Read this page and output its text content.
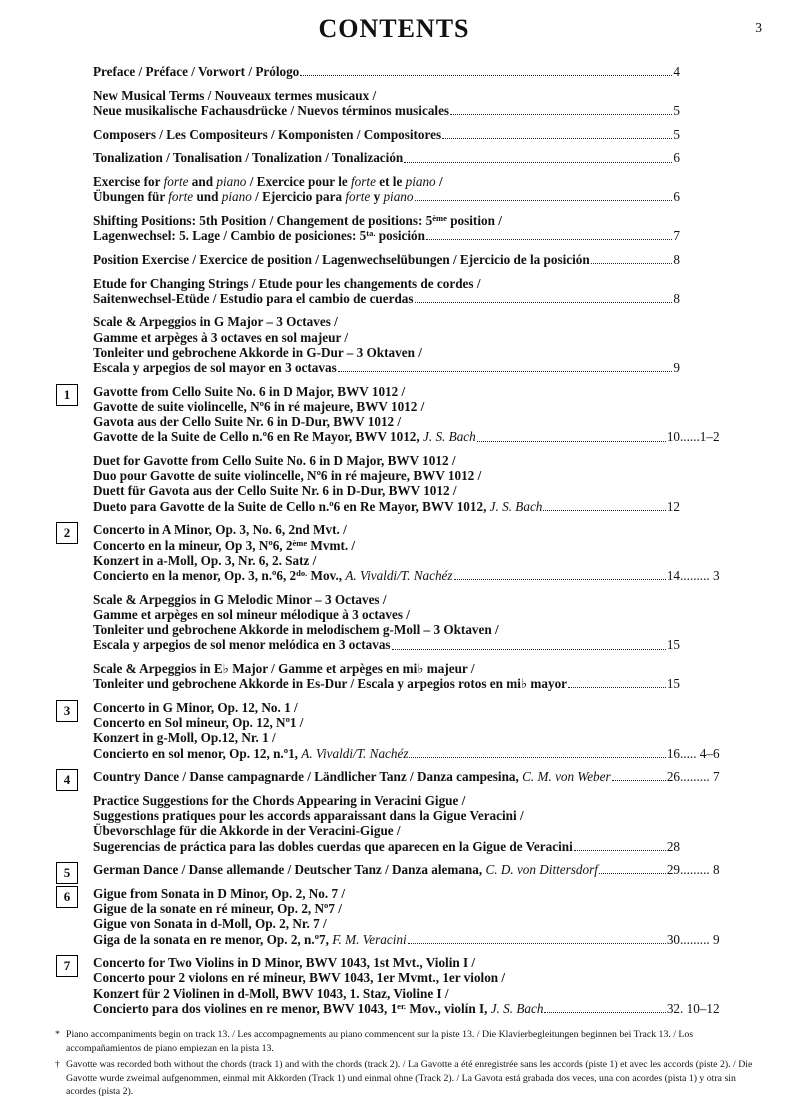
3
CONTENTS
Preface / Préface / Vorwort / Prólogo	4
New Musical Terms / Nouveaux termes musicaux /
Neue musikalische Fachausdrücke / Nuevos términos musicales	5
Composers / Les Compositeurs / Komponisten / Compositores	5
Tonalization / Tonalisation / Tonalization / Tonalización	6
Exercise for forte and piano / Exercice pour le forte et le piano /
Übungen für forte und piano / Ejercicio para forte y piano	6
Shifting Positions: 5th Position / Changement de positions: 5ème position /
Lagenwechsel: 5. Lage / Cambio de posiciones: $5^{ta.}$ posición	7
Position Exercise / Exercice de position / Lagenwechselübungen / Ejercicio de la posición	8
Etude for Changing Strings / Etude pour les changements de cordes /
Saitenwechsel-Etüde / Estudio para el cambio de cuerdas	8
Scale & Arpeggios in G Major – 3 Octaves /
Gamme et arpèges à 3 octaves en sol majeur /
Tonleiter und gebrochene Akkorde in G-Dur – 3 Oktaven /
Escala y arpegios de sol mayor en 3 octavas	9
1	Gavotte from Cello Suite No. 6 in D Major, BWV 1012 /
Gavotte de suite violincelle, Nº6 in ré majeure, BWV 1012 /
Gavota aus der Cello Suite Nr. 6 in D-Dur, BWV 1012 /
Gavotte de la Suite de Cello n.º6 en Re Mayor, BWV 1012, J. S. Bach	10 ......1–2
Duet for Gavotte from Cello Suite No. 6 in D Major, BWV 1012 /
Duo pour Gavotte de suite violincelle, Nº6 in ré majeure, BWV 1012 /
Duett für Gavota aus der Cello Suite Nr. 6 in D-Dur, BWV 1012 /
Dueto para Gavotte de la Suite de Cello n.º6 en Re Mayor, BWV 1012, J. S. Bach	12
2	Concerto in A Minor, Op. 3, No. 6, 2nd Mvt. /
Concerto en la mineur, Op 3, Nº6, 2ème Mvmt. /
Konzert in a-Moll, Op. 3, Nr. 6, 2. Satz /
Concierto en la menor, Op. 3, n.º6, $2^{do.}$ Mov., A. Vivaldi/T. Nachéz	14 ......... 3
Scale & Arpeggios in G Melodic Minor – 3 Octaves /
Gamme et arpèges en sol mineur mélodique à 3 octaves /
Tonleiter und gebrochene Akkorde in melodischem g-Moll – 3 Oktaven /
Escala y arpegios de sol menor melódica en 3 octavas	15
Scale & Arpeggios in E♭ Major / Gamme et arpèges en mi♭ majeur /
Tonleiter und gebrochene Akkorde in Es-Dur / Escala y arpegios rotos en mi♭ mayor	15
3	Concerto in G Minor, Op. 12, No. 1 /
Concerto en Sol mineur, Op. 12, Nº1 /
Konzert in g-Moll, Op.12, Nr. 1 /
Concierto en sol menor, Op. 12, n.º1, A. Vivaldi/T. Nachéz	16 ..... 4–6
4	Country Dance / Danse campagnarde / Ländlicher Tanz / Danza campesina, C. M. von Weber	26 ......... 7
Practice Suggestions for the Chords Appearing in Veracini Gigue /
Suggestions pratiques pour les accords apparaissant dans la Gigue Veracini /
Übevorschlage für die Akkorde in der Veracini-Gigue /
Sugerencias de práctica para las dobles cuerdas que aparecen en la Gigue de Veracini	28
5	German Dance / Danse allemande / Deutscher Tanz / Danza alemana, C. D. von Dittersdorf	29 ......... 8
6	Gigue from Sonata in D Minor, Op. 2, No. 7 /
Gigue de la sonate en ré mineur, Op. 2, Nº7 /
Gigue von Sonata in d-Moll, Op. 2, Nr. 7 /
Giga de la sonata en re menor, Op. 2, n.º7, F. M. Veracini	30 ......... 9
7	Concerto for Two Violins in D Minor, BWV 1043, 1st Mvt., Violin I /
Concerto pour 2 violons en ré mineur, BWV 1043, 1er Mvmt., 1er violon /
Konzert für 2 Violinen in d-Moll, BWV 1043, 1. Staz, Violine I /
Concierto para dos violines en re menor, BWV 1043, $1^{er.}$ Mov., violín I, J. S. Bach	32 . 10–12
* Piano accompaniments begin on track 13. / Les accompagnements au piano commencent sur la piste 13. / Die Klavierbegleitungen beginnen bei Track 13. / Los accompañamientos de piano empiezan en la pista 13.
† Gavotte was recorded both without the chords (track 1) and with the chords (track 2). / La Gavotte a été enregistrée sans les accords (piste 1) et avec les accords (piste 2). / Die Gavotte wurde zweimal aufgenommen, einmal mit Akkorden (Track 1) und einmal ohne (Track 2). / La Gavota está grabada dos veces, una con acordes (pista 1) y otra sin acordes (pista 2).
